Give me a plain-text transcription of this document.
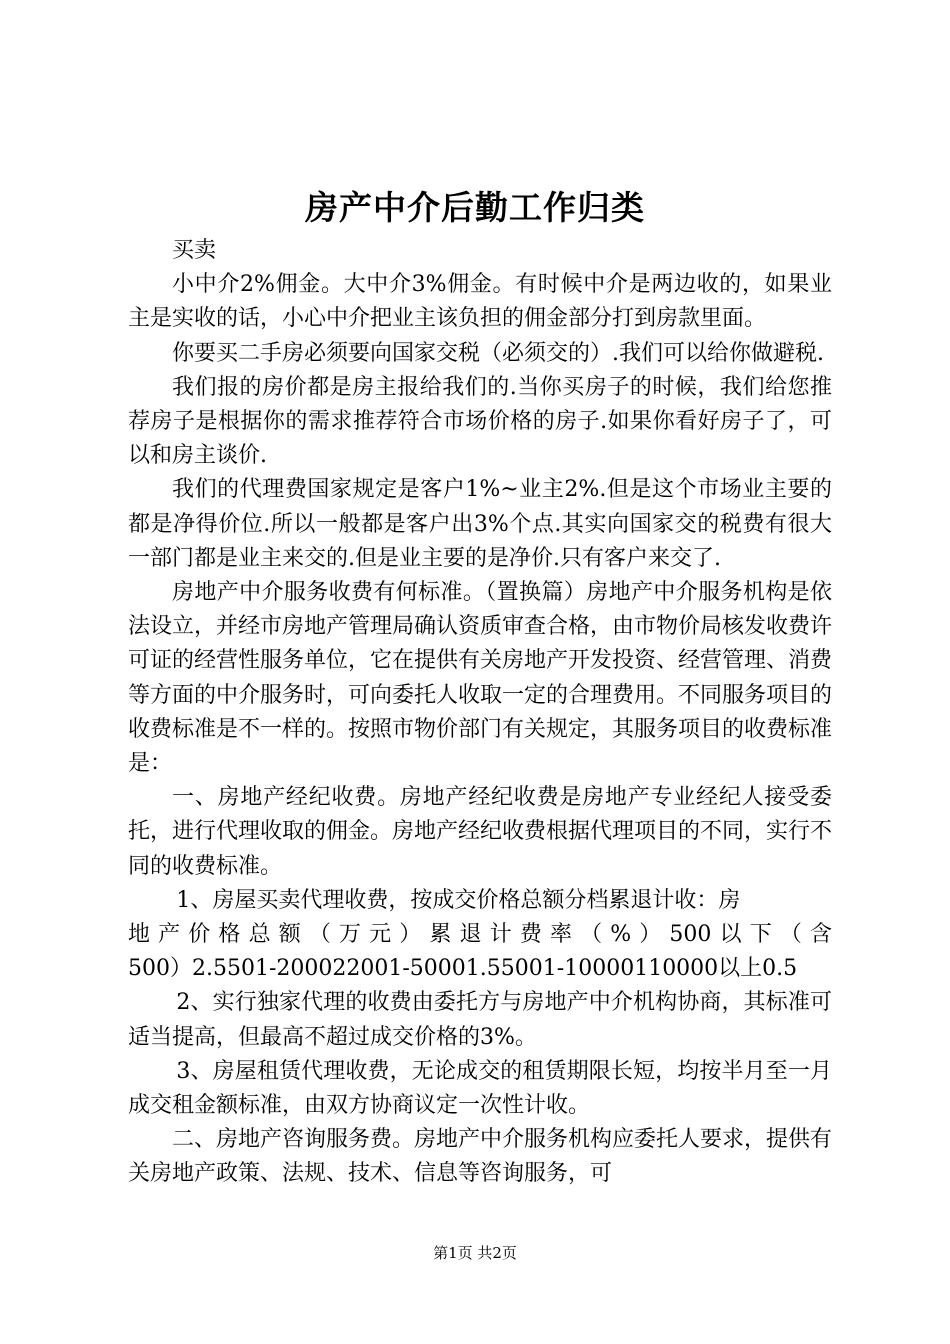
房产中介后勤工作归类

买卖

小中介2%佣金。大中介3%佣金。有时候中介是两边收的，如果业主是实收的话，小心中介把业主该负担的佣金部分打到房款里面。

你要买二手房必须要向国家交税（必须交的）.我们可以给你做避税.

我们报的房价都是房主报给我们的.当你买房子的时候，我们给您推荐房子是根据你的需求推荐符合市场价格的房子.如果你看好房子了，可以和房主谈价.

我们的代理费国家规定是客户1%~业主2%.但是这个市场业主要的都是净得价位.所以一般都是客户出3%个点.其实向国家交的税费有很大一部门都是业主来交的.但是业主要的是净价.只有客户来交了.

房地产中介服务收费有何标准。（置换篇）房地产中介服务机构是依法设立，并经市房地产管理局确认资质审查合格，由市物价局核发收费许可证的经营性服务单位，它在提供有关房地产开发投资、经营管理、消费等方面的中介服务时，可向委托人收取一定的合理费用。不同服务项目的收费标准是不一样的。按照市物价部门有关规定，其服务项目的收费标准是：

一、房地产经纪收费。房地产经纪收费是房地产专业经纪人接受委托，进行代理收取的佣金。房地产经纪收费根据代理项目的不同，实行不同的收费标准。

1、房屋买卖代理收费，按成交价格总额分档累退计收：房

地产价格总额（万元）累退计费率（%）500以下（含

500）2.5501-200022001-50001.55001-10000110000以上0.5

2、实行独家代理的收费由委托方与房地产中介机构协商，其标准可适当提高，但最高不超过成交价格的3%。

3、房屋租赁代理收费，无论成交的租赁期限长短，均按半月至一月成交租金额标准，由双方协商议定一次性计收。

二、房地产咨询服务费。房地产中介服务机构应委托人要求，提供有关房地产政策、法规、技术、信息等咨询服务，可

第1页 共2页
